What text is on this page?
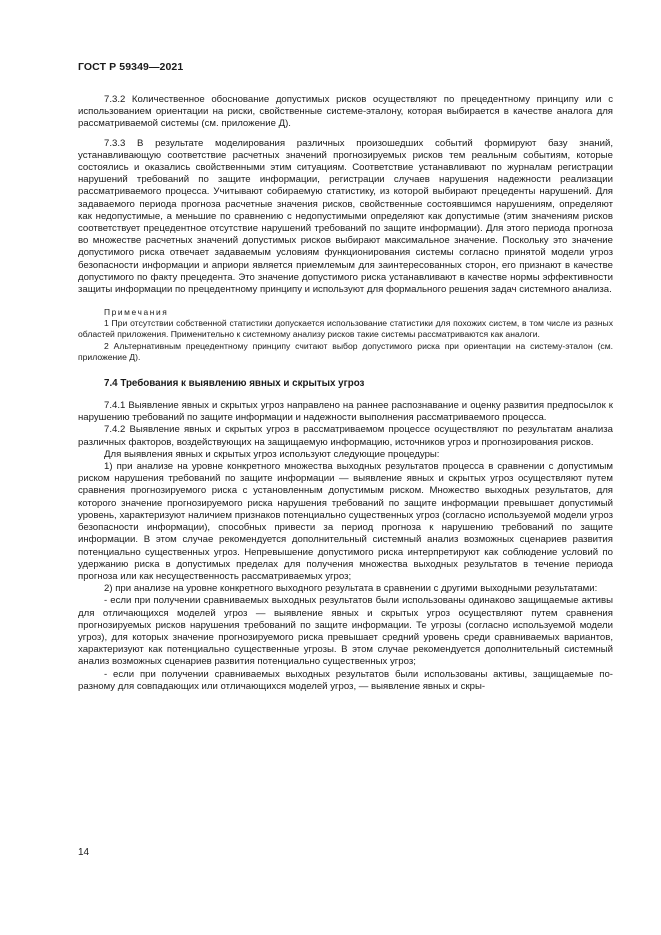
ГОСТ Р 59349—2021

7.3.2 Количественное обоснование допустимых рисков осуществляют по прецедентному принципу или с использованием ориентации на риски, свойственные системе-эталону, которая выбирается в качестве аналога для рассматриваемой системы (см. приложение Д).

7.3.3 В результате моделирования различных произошедших событий формируют базу знаний, устанавливающую соответствие расчетных значений прогнозируемых рисков тем реальным событиям, которые состоялись и оказались свойственными этим ситуациям. Соответствие устанавливают по журналам регистрации нарушений требований по защите информации, регистрации случаев нарушения надежности реализации рассматриваемого процесса. Учитывают собираемую статистику, из которой выбирают прецеденты нарушений. Для задаваемого периода прогноза расчетные значения рисков, свойственные состоявшимся нарушениям, определяют как недопустимые, а меньшие по сравнению с недопустимыми определяют как допустимые (этим значениям рисков соответствует прецедентное отсутствие нарушений требований по защите информации). Для этого периода прогноза во множестве расчетных значений допустимых рисков выбирают максимальное значение. Поскольку это значение допустимого риска отвечает задаваемым условиям функционирования системы согласно принятой модели угроз безопасности информации и априори является приемлемым для заинтересованных сторон, его признают в качестве допустимого по факту прецедента. Это значение допустимого риска устанавливают в качестве нормы эффективности защиты информации по прецедентному принципу и используют для формального решения задач системного анализа.

Примечания

1 При отсутствии собственной статистики допускается использование статистики для похожих систем, в том числе из разных областей приложения. Применительно к системному анализу рисков такие системы рассматриваются как аналоги.

2 Альтернативным прецедентному принципу считают выбор допустимого риска при ориентации на систему-эталон (см. приложение Д).

7.4 Требования к выявлению явных и скрытых угроз

7.4.1 Выявление явных и скрытых угроз направлено на раннее распознавание и оценку развития предпосылок к нарушению требований по защите информации и надежности выполнения рассматриваемого процесса.

7.4.2 Выявление явных и скрытых угроз в рассматриваемом процессе осуществляют по результатам анализа различных факторов, воздействующих на защищаемую информацию, источников угроз и прогнозирования рисков.

Для выявления явных и скрытых угроз используют следующие процедуры:

1) при анализе на уровне конкретного множества выходных результатов процесса в сравнении с допустимым риском нарушения требований по защите информации — выявление явных и скрытых угроз осуществляют путем сравнения прогнозируемого риска с установленным допустимым риском. Множество выходных результатов, для которого значение прогнозируемого риска нарушения требований по защите информации превышает допустимый уровень, характеризуют наличием признаков потенциально существенных угроз (согласно используемой модели угроз безопасности информации), способных привести за период прогноза к нарушению требований по защите информации. В этом случае рекомендуется дополнительный системный анализ возможных сценариев развития потенциально существенных угроз. Непревышение допустимого риска интерпретируют как соблюдение условий по удержанию риска в допустимых пределах для получения множества выходных результатов в течение периода прогноза или как несущественность рассматриваемых угроз;

2) при анализе на уровне конкретного выходного результата в сравнении с другими выходными результатами:

- если при получении сравниваемых выходных результатов были использованы одинаково защищаемые активы для отличающихся моделей угроз — выявление явных и скрытых угроз осуществляют путем сравнения прогнозируемых рисков нарушения требований по защите информации. Те угрозы (согласно используемой модели угроз), для которых значение прогнозируемого риска превышает средний уровень среди сравниваемых вариантов, характеризуют как потенциально существенные угрозы. В этом случае рекомендуется дополнительный системный анализ возможных сценариев развития потенциально существенных угроз;

- если при получении сравниваемых выходных результатов были использованы активы, защищаемые по-разному для совпадающих или отличающихся моделей угроз, — выявление явных и скры-

14
